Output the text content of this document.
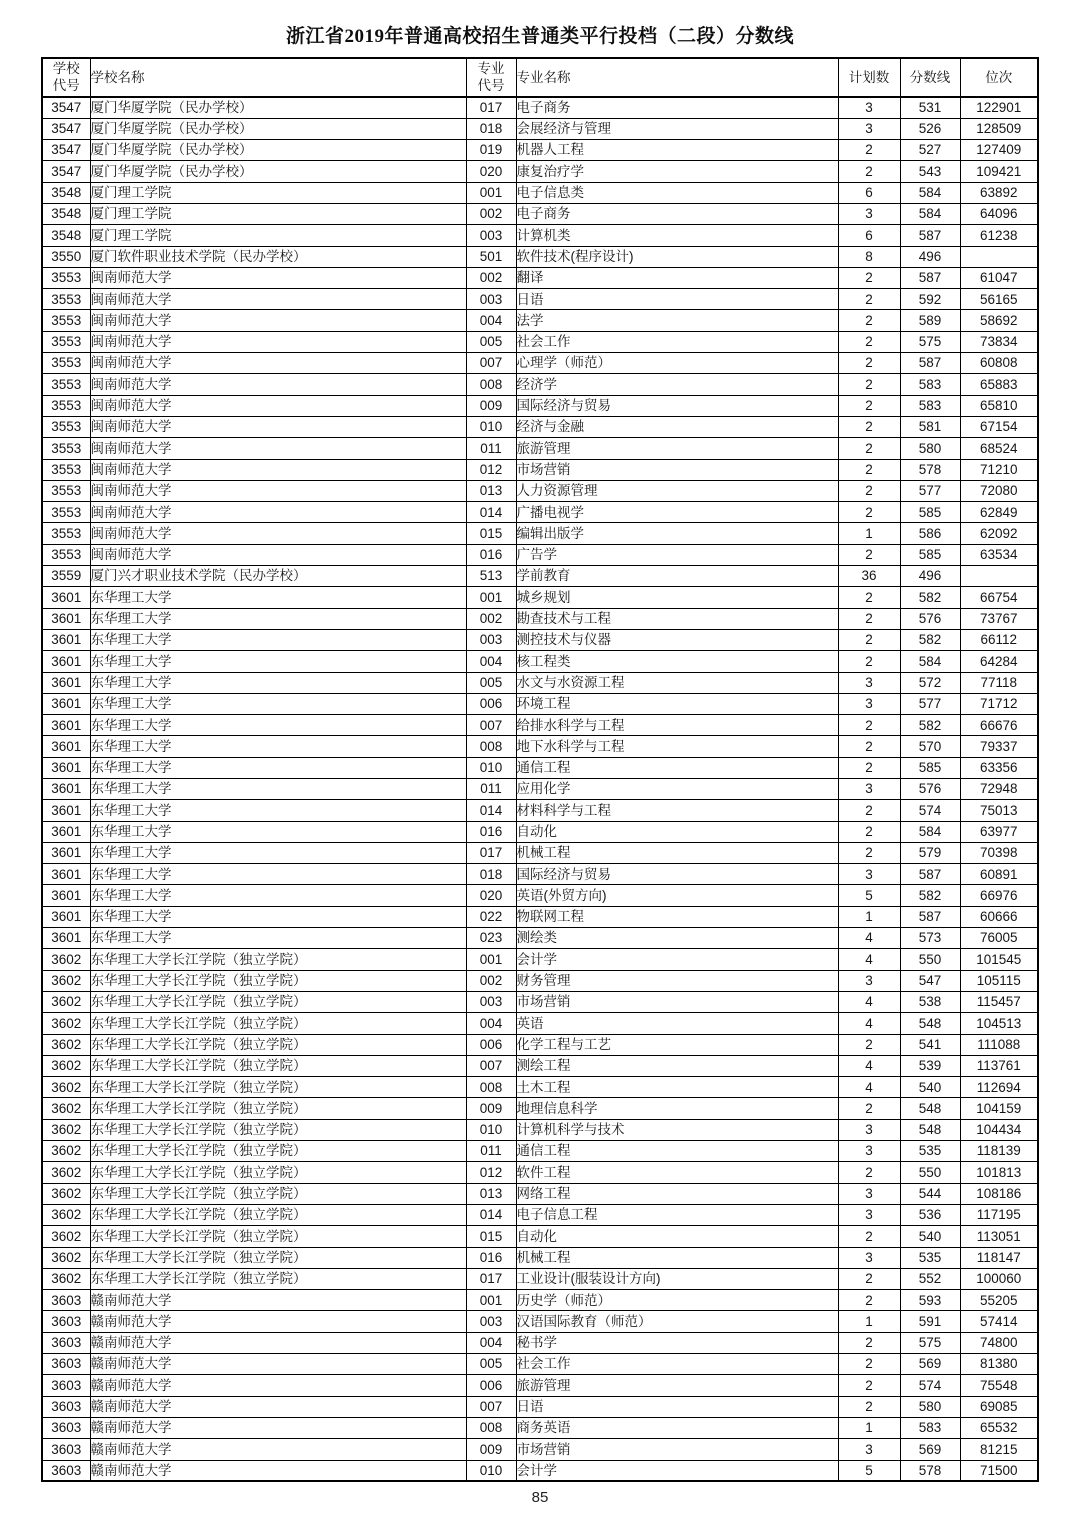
浙江省2019年普通高校招生普通类平行投档（二段）分数线
学校代号	学校名称	专业代号	专业名称	计划数	分数线	位次
3547	厦门华厦学院（民办学校）	017	电子商务	3	531	122901
3547	厦门华厦学院（民办学校）	018	会展经济与管理	3	526	128509
3547	厦门华厦学院（民办学校）	019	机器人工程	2	527	127409
3547	厦门华厦学院（民办学校）	020	康复治疗学	2	543	109421
3548	厦门理工学院	001	电子信息类	6	584	63892
3548	厦门理工学院	002	电子商务	3	584	64096
3548	厦门理工学院	003	计算机类	6	587	61238
3550	厦门软件职业技术学院（民办学校）	501	软件技术(程序设计)	8	496	
3553	闽南师范大学	002	翻译	2	587	61047
3553	闽南师范大学	003	日语	2	592	56165
3553	闽南师范大学	004	法学	2	589	58692
3553	闽南师范大学	005	社会工作	2	575	73834
3553	闽南师范大学	007	心理学（师范）	2	587	60808
3553	闽南师范大学	008	经济学	2	583	65883
3553	闽南师范大学	009	国际经济与贸易	2	583	65810
3553	闽南师范大学	010	经济与金融	2	581	67154
3553	闽南师范大学	011	旅游管理	2	580	68524
3553	闽南师范大学	012	市场营销	2	578	71210
3553	闽南师范大学	013	人力资源管理	2	577	72080
3553	闽南师范大学	014	广播电视学	2	585	62849
3553	闽南师范大学	015	编辑出版学	1	586	62092
3553	闽南师范大学	016	广告学	2	585	63534
3559	厦门兴才职业技术学院（民办学校）	513	学前教育	36	496	
3601	东华理工大学	001	城乡规划	2	582	66754
3601	东华理工大学	002	勘查技术与工程	2	576	73767
3601	东华理工大学	003	测控技术与仪器	2	582	66112
3601	东华理工大学	004	核工程类	2	584	64284
3601	东华理工大学	005	水文与水资源工程	3	572	77118
3601	东华理工大学	006	环境工程	3	577	71712
3601	东华理工大学	007	给排水科学与工程	2	582	66676
3601	东华理工大学	008	地下水科学与工程	2	570	79337
3601	东华理工大学	010	通信工程	2	585	63356
3601	东华理工大学	011	应用化学	3	576	72948
3601	东华理工大学	014	材料科学与工程	2	574	75013
3601	东华理工大学	016	自动化	2	584	63977
3601	东华理工大学	017	机械工程	2	579	70398
3601	东华理工大学	018	国际经济与贸易	3	587	60891
3601	东华理工大学	020	英语(外贸方向)	5	582	66976
3601	东华理工大学	022	物联网工程	1	587	60666
3601	东华理工大学	023	测绘类	4	573	76005
3602	东华理工大学长江学院（独立学院）	001	会计学	4	550	101545
3602	东华理工大学长江学院（独立学院）	002	财务管理	3	547	105115
3602	东华理工大学长江学院（独立学院）	003	市场营销	4	538	115457
3602	东华理工大学长江学院（独立学院）	004	英语	4	548	104513
3602	东华理工大学长江学院（独立学院）	006	化学工程与工艺	2	541	111088
3602	东华理工大学长江学院（独立学院）	007	测绘工程	4	539	113761
3602	东华理工大学长江学院（独立学院）	008	土木工程	4	540	112694
3602	东华理工大学长江学院（独立学院）	009	地理信息科学	2	548	104159
3602	东华理工大学长江学院（独立学院）	010	计算机科学与技术	3	548	104434
3602	东华理工大学长江学院（独立学院）	011	通信工程	3	535	118139
3602	东华理工大学长江学院（独立学院）	012	软件工程	2	550	101813
3602	东华理工大学长江学院（独立学院）	013	网络工程	3	544	108186
3602	东华理工大学长江学院（独立学院）	014	电子信息工程	3	536	117195
3602	东华理工大学长江学院（独立学院）	015	自动化	2	540	113051
3602	东华理工大学长江学院（独立学院）	016	机械工程	3	535	118147
3602	东华理工大学长江学院（独立学院）	017	工业设计(服装设计方向)	2	552	100060
3603	赣南师范大学	001	历史学（师范）	2	593	55205
3603	赣南师范大学	003	汉语国际教育（师范）	1	591	57414
3603	赣南师范大学	004	秘书学	2	575	74800
3603	赣南师范大学	005	社会工作	2	569	81380
3603	赣南师范大学	006	旅游管理	2	574	75548
3603	赣南师范大学	007	日语	2	580	69085
3603	赣南师范大学	008	商务英语	1	583	65532
3603	赣南师范大学	009	市场营销	3	569	81215
3603	赣南师范大学	010	会计学	5	578	71500
85
